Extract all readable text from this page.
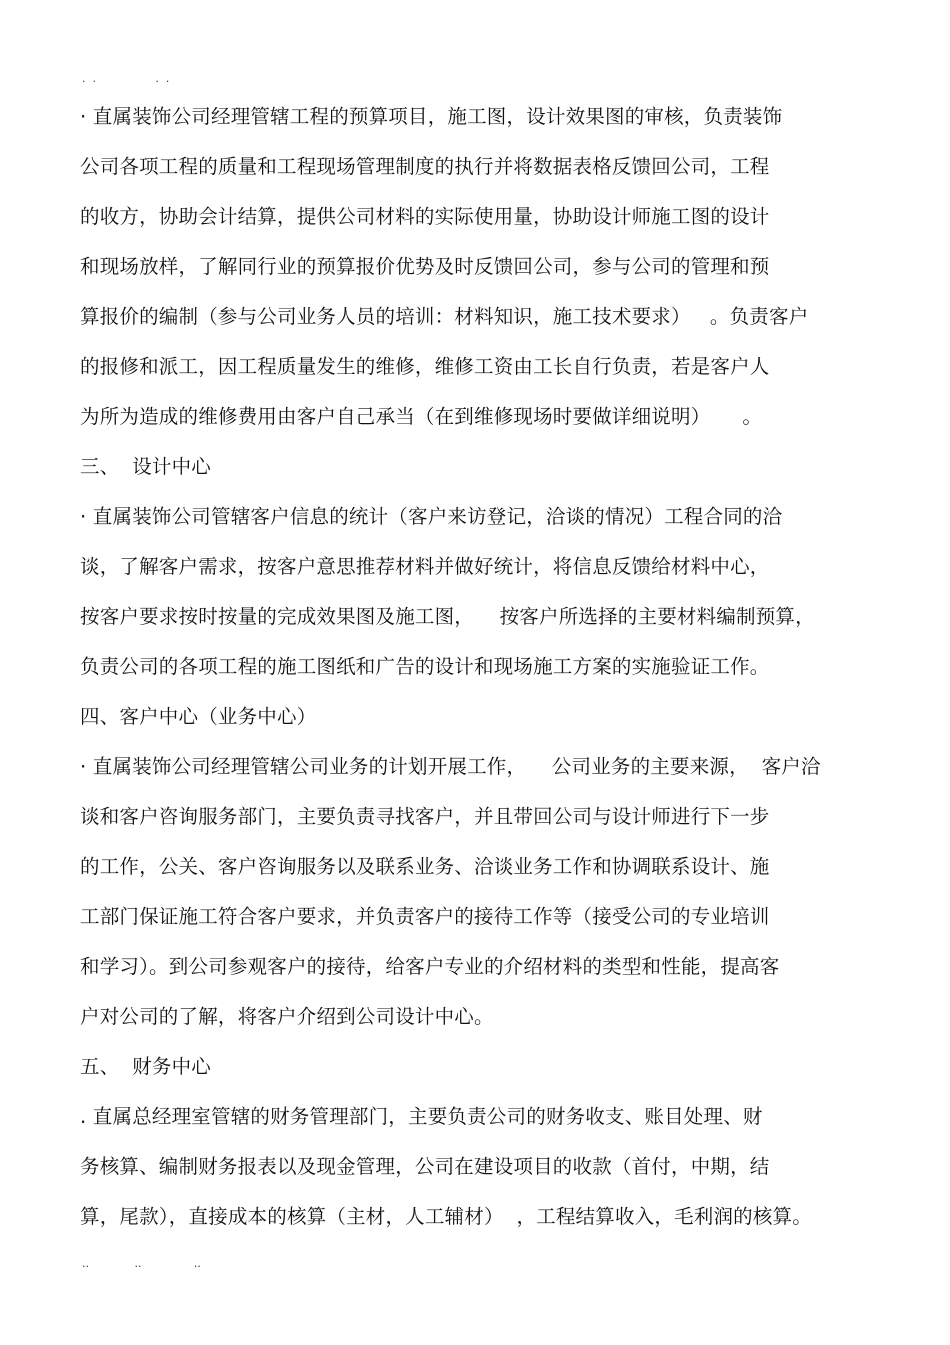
·  ·                 ·  ·
· 直属装饰公司经理管辖工程的预算项目，施工图，设计效果图的审核，负责装饰
公司各项工程的质量和工程现场管理制度的执行并将数据表格反馈回公司，工程
的收方，协助会计结算，提供公司材料的实际使用量，协助设计师施工图的设计
和现场放样，了解同行业的预算报价优势及时反馈回公司，参与公司的管理和预
算报价的编制（参与公司业务人员的培训：材料知识，施工技术要求）   。负责客户
的报修和派工，因工程质量发生的维修，维修工资由工长自行负责，若是客户人
为所为造成的维修费用由客户自己承当（在到维修现场时要做详细说明）     。
三、  设计中心
· 直属装饰公司管辖客户信息的统计（客户来访登记，洽谈的情况）工程合同的洽
谈，了解客户需求，按客户意思推荐材料并做好统计，将信息反馈给材料中心，
按客户要求按时按量的完成效果图及施工图，    按客户所选择的主要材料编制预算，
负责公司的各项工程的施工图纸和广告的设计和现场施工方案的实施验证工作。
四、客户中心（业务中心）
· 直属装饰公司经理管辖公司业务的计划开展工作，    公司业务的主要来源，  客户洽
谈和客户咨询服务部门，主要负责寻找客户，并且带回公司与设计师进行下一步
的工作，公关、客户咨询服务以及联系业务、洽谈业务工作和协调联系设计、施
工部门保证施工符合客户要求，并负责客户的接待工作等（接受公司的专业培训
和学习）。到公司参观客户的接待，给客户专业的介绍材料的类型和性能，提高客
户对公司的了解，将客户介绍到公司设计中心。
五、  财务中心
. 直属总经理室管辖的财务管理部门，主要负责公司的财务收支、账目处理、财
务核算、编制财务报表以及现金管理，公司在建设项目的收款（首付，中期，结
算，尾款），直接成本的核算（主材，人工辅材）  ，工程结算收入，毛利润的核算。
..             ..               ..
